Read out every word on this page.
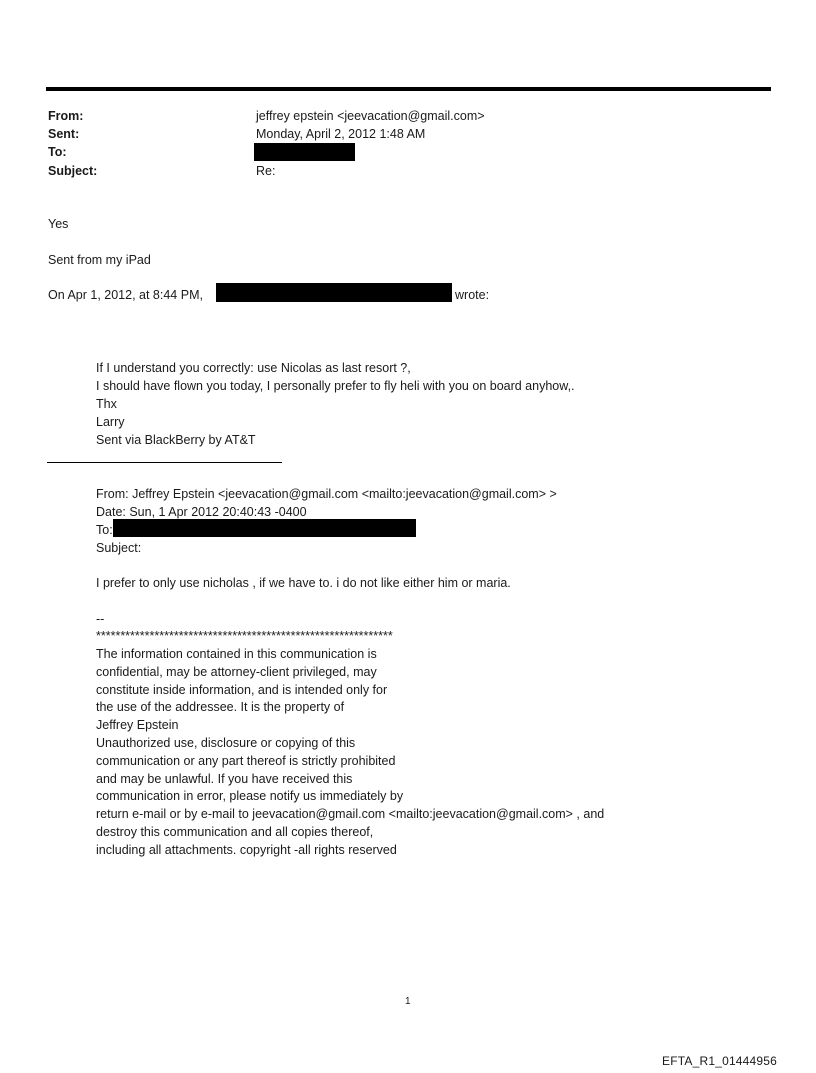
From:	jeffrey epstein <jeevacation@gmail.com>
Sent:	Monday, April 2, 2012 1:48 AM
To:
Subject:	Re:
Yes
Sent from my iPad
On Apr 1, 2012, at 8:44 PM,	wrote:
If I understand you correctly: use Nicolas as last resort ?,
I should have flown you today, I personally prefer to fly heli with you on board anyhow,.
Thx
Larry
Sent via BlackBerry by AT&T
From: Jeffrey Epstein <jeevacation@gmail.com <mailto:jeevacation@gmail.com> >
Date: Sun, 1 Apr 2012 20:40:43 -0400
To:
Subject:
I prefer to only use nicholas , if we have to. i do not like either him or maria.
--
*************************************************************
The information contained in this communication is
confidential, may be attorney-client privileged, may
constitute inside information, and is intended only for
the use of the addressee. It is the property of
Jeffrey Epstein
Unauthorized use, disclosure or copying of this
communication or any part thereof is strictly prohibited
and may be unlawful. If you have received this
communication in error, please notify us immediately by
return e-mail or by e-mail to jeevacation@gmail.com <mailto:jeevacation@gmail.com> , and
destroy this communication and all copies thereof,
including all attachments. copyright -all rights reserved
1
EFTA_R1_01444956
